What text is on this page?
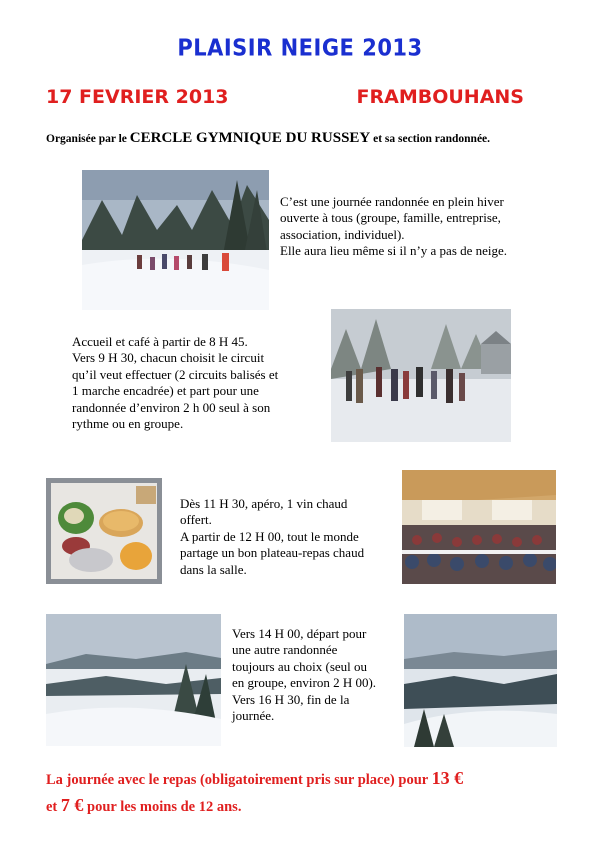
PLAISIR NEIGE 2013
17 FEVRIER 2013	FRAMBOUHANS
Organisée par le CERCLE GYMNIQUE DU RUSSEY et sa section randonnée.
C’est une journée randonnée en plein hiver
ouverte à tous (groupe, famille, entreprise,
association, individuel).
Elle aura lieu même si il n’y a pas de neige.
Accueil et café à partir de 8 H 45.
Vers 9 H 30, chacun choisit le circuit
qu’il veut effectuer (2 circuits balisés et
1 marche encadrée) et part pour une
randonnée d’environ 2 h 00 seul à son
rythme ou en groupe.
Dès 11 H 30, apéro, 1 vin chaud
offert.
A partir de 12 H 00, tout le monde
partage un bon plateau-repas chaud
dans la salle.
Vers 14 H 00, départ pour
une autre randonnée
toujours au choix (seul ou
en groupe, environ 2 H 00).
Vers 16 H 30, fin de la
journée.
La journée avec le repas (obligatoirement pris sur place) pour 13 €
et 7 € pour les moins de 12 ans.
